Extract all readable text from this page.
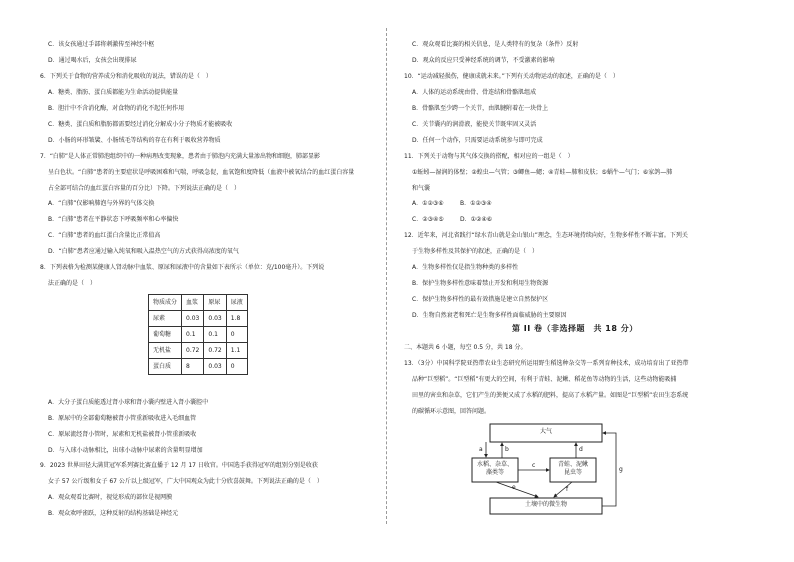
C．该女孩通过手部将刺激传至神经中枢
D．通过喝水后，女孩会出现排尿
6．下列关于食物的营养成分和消化吸收的说法，错误的是（　）
A．糖类、脂肪、蛋白质都能为生命活动提供能量
B．胆汁中不含消化酶，对食物的消化不起任何作用
C．糖类、蛋白质和脂肪都需要经过消化分解成小分子物质才能被吸收
D．小肠的环形皱襞、小肠绒毛等结构的存在有利于吸收营养物质
7．“白肺”是人体正常肺泡组织中的一种病理改变现象，患者由于肺泡内充满大量渗出物和细胞，肺部显影
呈白色状。“白肺”患者的主要症状是呼吸困难和气喘，呼吸急促，血氧饱和度降低（血液中被氧结合的血红蛋白容量
占全部可结合的血红蛋白容量的百分比）下降。下列说法正确的是（　）
A．“白肺”仅影响肺泡与外界的气体交换
B．“白肺”患者在平静状态下呼吸频率和心率偏快
C．“白肺”患者的血红蛋白含量比正常值高
D．“白肺”患者应通过输入纯氧和吸入温热空气的方式获得高浓度的氧气
8．下列表格为检测某健康人肾动脉中血浆、原尿和尿液中的含量如下表所示（单位：克/100毫升）。下列说
法正确的是（　）
物质成分	血浆	原尿	尿液
尿素	0.03	0.03	1.8
葡萄糖	0.1	0.1	0
无机盐	0.72	0.72	1.1
蛋白质	8	0.03	0
A．大分子蛋白质能透过肾小球和肾小囊内壁进入肾小囊腔中
B．原尿中的全部葡萄糖被肾小管重新吸收进入毛细血管
C．原尿流经肾小管时，尿素和无机盐被肾小管重新吸收
D．与入球小动脉相比，出球小动脉中尿素的含量明显增加
9．2023 世界田径大满贯冠军系列赛比赛直播于 12 月 17 日收官。中国选手获得冠军的组别分别是收获
女子 57 公斤级和女子 67 公斤以上级冠军，广大中国观众为此十分欣喜鼓舞。下列说法正确的是（　）
A．观众观看比赛时，视觉形成的部位是视网膜
B．观众欢呼雀跃，这种反射的结构基础是神经元
C．观众观看比赛的相关信息，是人类特有的复杂（条件）反射
D．观众的反应只受神经系统的调节，不受激素的影响
10．“运动减轻损伤，健康成就未来。”下列有关动物运动的叙述，正确的是（　）
A．人体的运动系统由骨、骨连结和骨骼肌组成
B．骨骼肌至少跨一个关节，由肌腱附着在一块骨上
C．关节囊内的润滑液，能使关节既牢固又灵活
D．任何一个动作，只需要运动系统参与即可完成
11．下列关于动物与其气体交换的搭配，相对应的一组是（　）
①蚯蚓—湿润的体壁；②蝗虫—气管；③鲫鱼—鳃；④青蛙—肺和皮肤；⑤蜗牛—气门；⑥家鸽—肺
和气囊
A．①②③⑥	B．①②③④
C．②③④⑤	D．①②④⑥
12．近年来，河北省践行“绿水青山就是金山银山”理念，生态环境持续向好，生物多样性不断丰富。下列关
于生物多样性及其保护的叙述，正确的是（　）
A．生物多样性仅是指生物种类的多样性
B．保护生物多样性意味着禁止开发和利用生物资源
C．保护生物多样性的最有效措施是建立自然保护区
D．生物自然衰老和死亡是生物多样性面临威胁的主要原因
第 II 卷（非选择题　共 18 分）
二、本题共 6 小题，每空 0.5 分，共 18 分。
13．（3分）中国科学院亚热带农业生态研究所运用野生稻选种杂交等一系列育种技术，成功培育出了亚热带
品种“巨型稻”。“巨型稻”有更大的空间，有利于青蛙、泥鳅、稻花鱼等动物的生活，这些动物能吸捕
田里的害虫和杂草，它们产生的粪便又成了水稻的肥料，提高了水稻产量。如图是“巨型稻”农田生态系统
的碳循环示意图，回答问题。
大气
水稻、杂草、
藻类等
青蛙、泥鳅
昆虫等
土壤中的微生物
a	b
c
d
e	f
g
